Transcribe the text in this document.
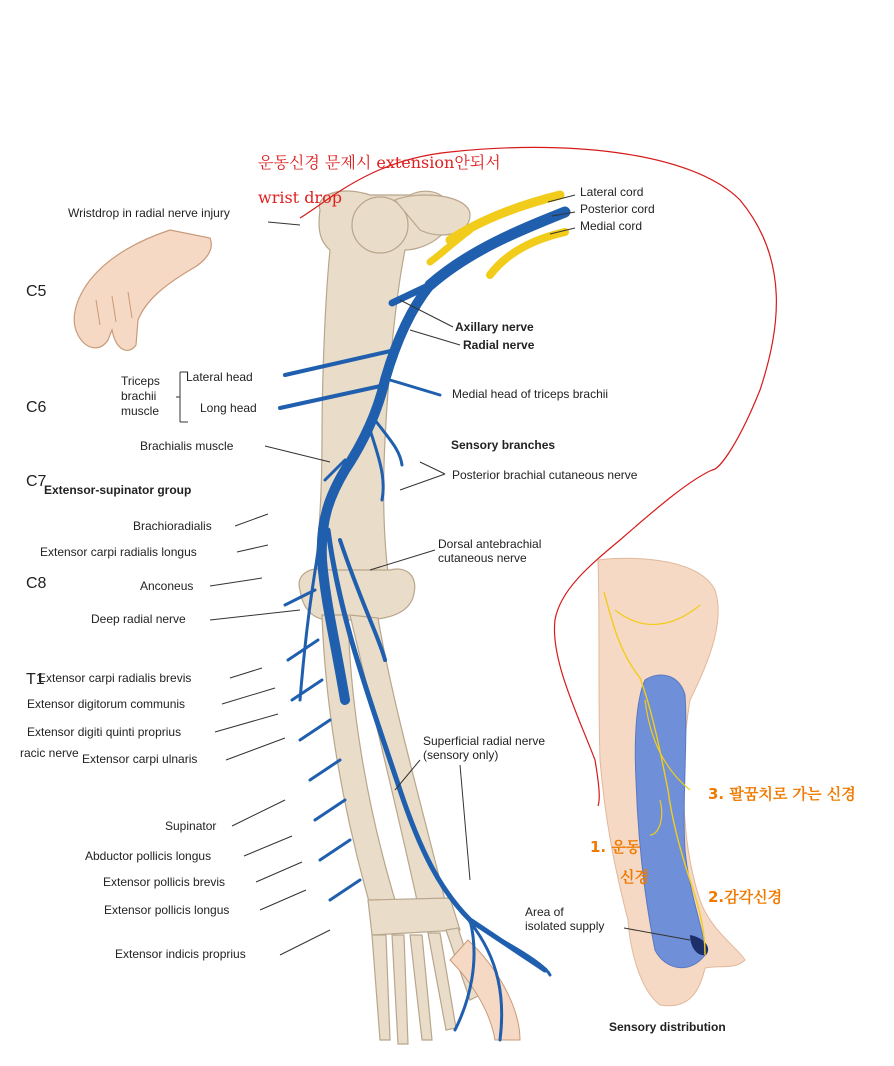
C5
C6
C7
C8
T1
racic nerve
Wristdrop in radial nerve injury
Lateral cord
Posterior cord
Medial cord
Axillary nerve
Radial nerve
Triceps
brachii
muscle
Lateral head
Long head
Medial head of triceps brachii
Brachialis muscle	Sensory branches
Extensor-supinator group
Posterior brachial cutaneous nerve
Brachioradialis
Extensor carpi radialis longus
Dorsal antebrachial
cutaneous nerve
Anconeus
Deep radial nerve
Extensor carpi radialis brevis
Extensor digitorum communis
Extensor digiti quinti proprius
Extensor carpi ulnaris
Superficial radial nerve
(sensory only)
Supinator
Abductor pollicis longus
Extensor pollicis brevis
Extensor pollicis longus	Area of
isolated supply
Extensor indicis proprius
Sensory distribution
운동신경 문제시 extension안되서
wrist drop
1. 운동
신경
2.감각신경
3. 팔꿈치로 가는 신경
